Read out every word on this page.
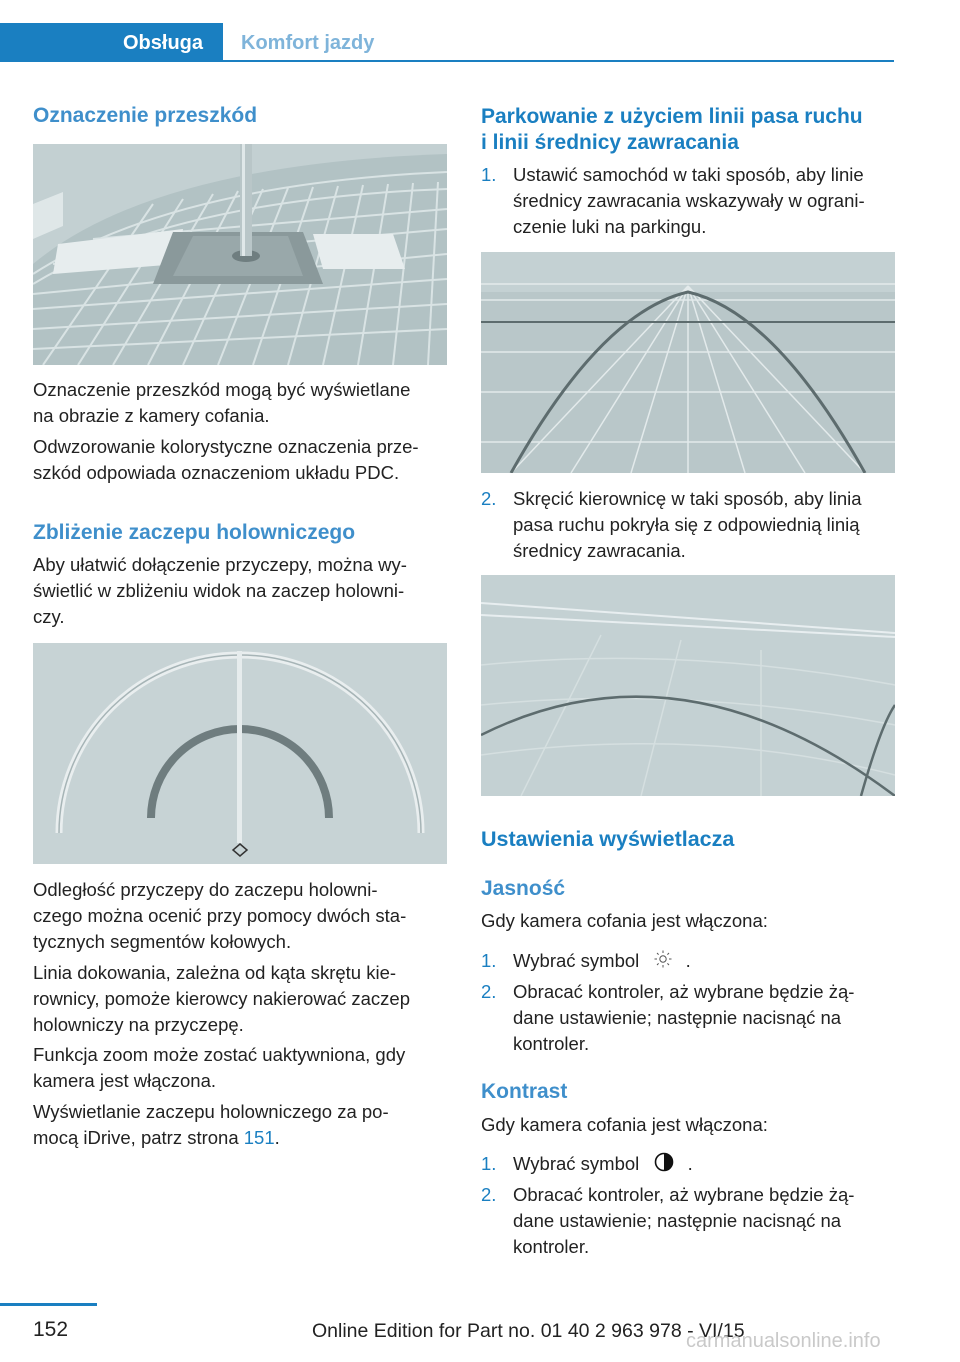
Obsługa	Komfort jazdy
Oznaczenie przeszkód
Oznaczenie przeszkód mogą być wyświetlane
na obrazie z kamery cofania.
Odwzorowanie kolorystyczne oznaczenia prze‐
szkód odpowiada oznaczeniom układu PDC.
Zbliżenie zaczepu holowniczego
Aby ułatwić dołączenie przyczepy, można wy‐
świetlić w zbliżeniu widok na zaczep holowni‐
czy.
Odległość przyczepy do zaczepu holowni‐
czego można ocenić przy pomocy dwóch sta‐
tycznych segmentów kołowych.
Linia dokowania, zależna od kąta skrętu kie‐
rownicy, pomoże kierowcy nakierować zaczep
holowniczy na przyczepę.
Funkcja zoom może zostać uaktywniona, gdy
kamera jest włączona.
Wyświetlanie zaczepu holowniczego za po‐
mocą iDrive, patrz strona 151.
Parkowanie z użyciem linii pasa ruchu
i linii średnicy zawracania
1. Ustawić samochód w taki sposób, aby linie
średnicy zawracania wskazywały w ograni‐
czenie luki na parkingu.
2. Skręcić kierownicę w taki sposób, aby linia
pasa ruchu pokryła się z odpowiednią linią
średnicy zawracania.
Ustawienia wyświetlacza
Jasność
Gdy kamera cofania jest włączona:
1. Wybrać symbol	.
2. Obracać kontroler, aż wybrane będzie żą‐
dane ustawienie; następnie nacisnąć na
kontroler.
Kontrast
Gdy kamera cofania jest włączona:
1. Wybrać symbol	.
2. Obracać kontroler, aż wybrane będzie żą‐
dane ustawienie; następnie nacisnąć na
kontroler.
152	Online Edition for Part no. 01 40 2 963 978 - VI/15
carmanualsonline.info
